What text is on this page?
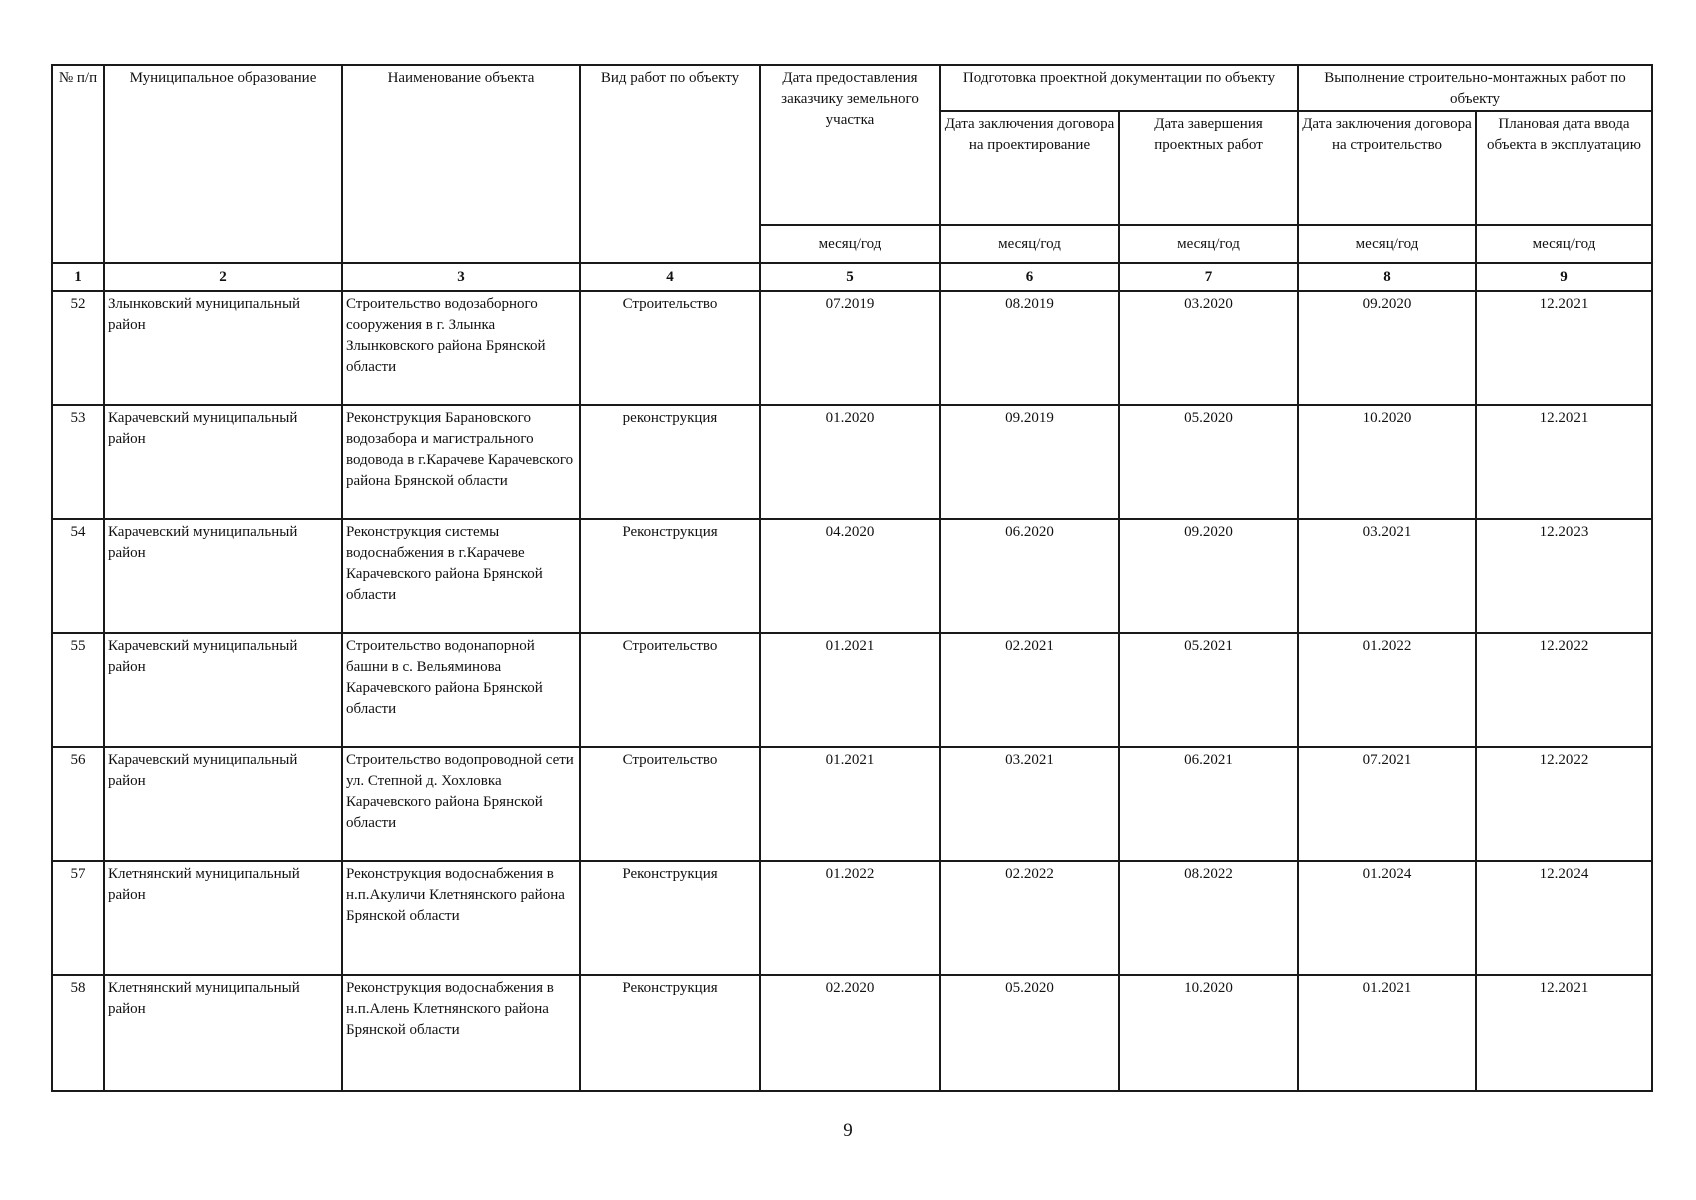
№ п/п	Муниципальное образование	Наименование объекта	Вид работ по объекту	Дата предоставления заказчику земельного участка	Подготовка проектной документации по объекту		Выполнение строительно-монтажных работ по объекту	
					Дата заключения договора на проектирование	Дата завершения проектных работ	Дата заключения договора на строительство	Плановая дата ввода объекта в эксплуатацию
				месяц/год	месяц/год	месяц/год	месяц/год	месяц/год
1	2	3	4	5	6	7	8	9
52	Злынковский муниципальный район	Строительство водозаборного сооружения в г. Злынка Злынковского района Брянской области	Строительство	07.2019	08.2019	03.2020	09.2020	12.2021
53	Карачевский муниципальный район	Реконструкция Барановского водозабора и магистрального водовода в г.Карачеве Карачевского района Брянской области	реконструкция	01.2020	09.2019	05.2020	10.2020	12.2021
54	Карачевский муниципальный район	Реконструкция системы водоснабжения в г.Карачеве Карачевского района Брянской области	Реконструкция	04.2020	06.2020	09.2020	03.2021	12.2023
55	Карачевский муниципальный район	Строительство водонапорной башни в с. Вельяминова Карачевского района Брянской области	Строительство	01.2021	02.2021	05.2021	01.2022	12.2022
56	Карачевский муниципальный район	Строительство водопроводной сети ул. Степной д. Хохловка Карачевского района Брянской области	Строительство	01.2021	03.2021	06.2021	07.2021	12.2022
57	Клетнянский муниципальный район	Реконструкция водоснабжения в н.п.Акуличи Клетнянского района Брянской области	Реконструкция	01.2022	02.2022	08.2022	01.2024	12.2024
58	Клетнянский муниципальный район	Реконструкция водоснабжения в н.п.Алень Клетнянского района Брянской области	Реконструкция	02.2020	05.2020	10.2020	01.2021	12.2021
9
